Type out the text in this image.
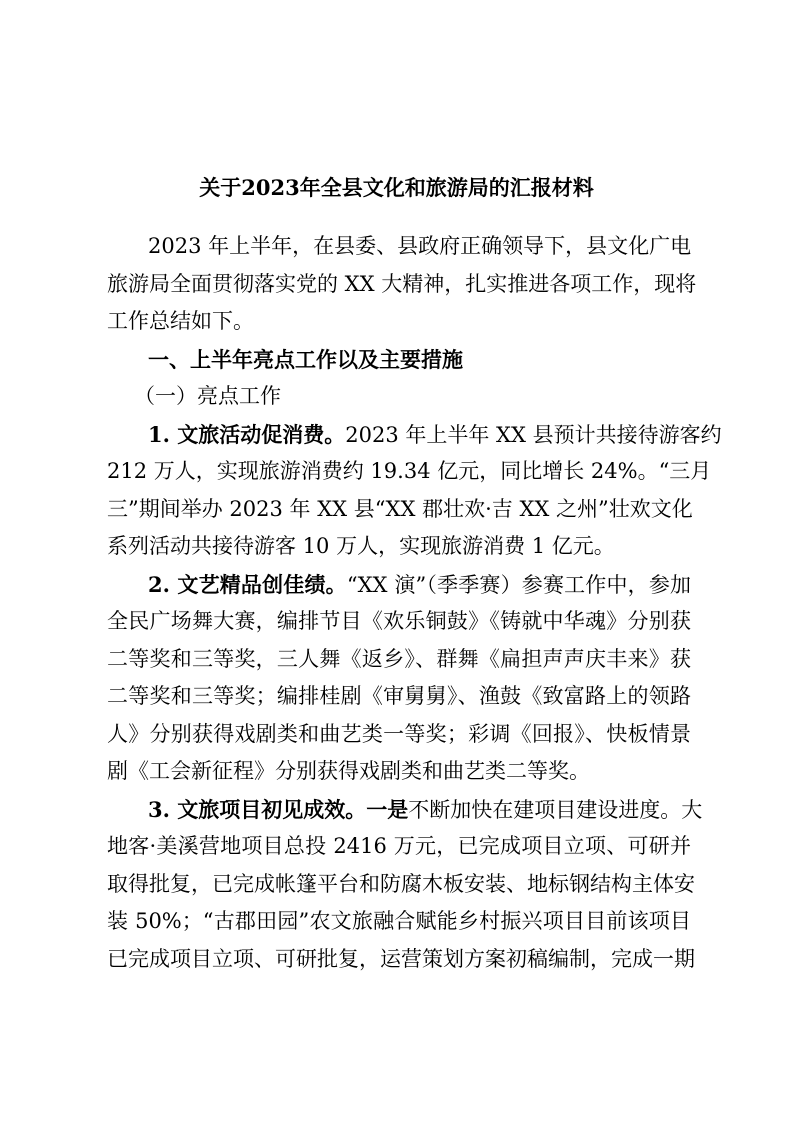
关于2023年全县文化和旅游局的汇报材料
2023 年上半年，在县委、县政府正确领导下，县文化广电
旅游局全面贯彻落实党的 XX 大精神，扎实推进各项工作，现将
工作总结如下。
一、上半年亮点工作以及主要措施
（一）亮点工作
1. 文旅活动促消费。2023 年上半年 XX 县预计共接待游客约
212 万人，实现旅游消费约 19.34 亿元，同比增长 24%。“三月
三”期间举办 2023 年 XX 县“XX 郡壮欢·吉 XX 之州”壮欢文化
系列活动共接待游客 10 万人，实现旅游消费 1 亿元。
2. 文艺精品创佳绩。“XX 演”（季季赛）参赛工作中，参加
全民广场舞大赛，编排节目《欢乐铜鼓》《铸就中华魂》分别获
二等奖和三等奖，三人舞《返乡》、群舞《扁担声声庆丰来》获
二等奖和三等奖；编排桂剧《审舅舅》、渔鼓《致富路上的领路
人》分别获得戏剧类和曲艺类一等奖；彩调《回报》、快板情景
剧《工会新征程》分别获得戏剧类和曲艺类二等奖。
3. 文旅项目初见成效。一是不断加快在建项目建设进度。大
地客·美溪营地项目总投 2416 万元，已完成项目立项、可研并
取得批复，已完成帐篷平台和防腐木板安装、地标钢结构主体安
装 50%；“古郡田园”农文旅融合赋能乡村振兴项目目前该项目
已完成项目立项、可研批复，运营策划方案初稿编制，完成一期
